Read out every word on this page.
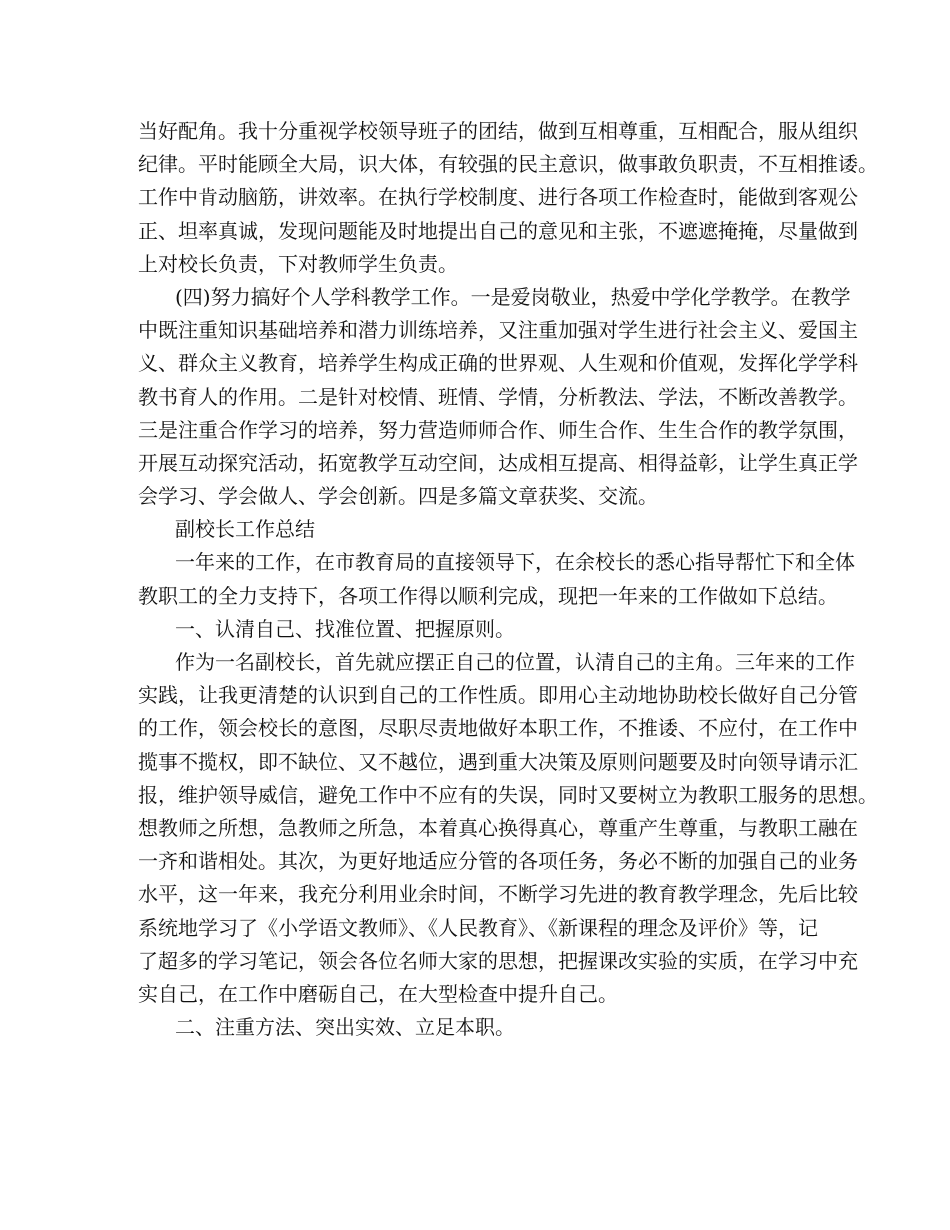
当好配角。我十分重视学校领导班子的团结，做到互相尊重，互相配合，服从组织
纪律。平时能顾全大局，识大体，有较强的民主意识，做事敢负职责，不互相推诿。
工作中肯动脑筋，讲效率。在执行学校制度、进行各项工作检查时，能做到客观公
正、坦率真诚，发现问题能及时地提出自己的意见和主张，不遮遮掩掩，尽量做到
上对校长负责，下对教师学生负责。
(四)努力搞好个人学科教学工作。一是爱岗敬业，热爱中学化学教学。在教学
中既注重知识基础培养和潜力训练培养，又注重加强对学生进行社会主义、爱国主
义、群众主义教育，培养学生构成正确的世界观、人生观和价值观，发挥化学学科
教书育人的作用。二是针对校情、班情、学情，分析教法、学法，不断改善教学。
三是注重合作学习的培养，努力营造师师合作、师生合作、生生合作的教学氛围，
开展互动探究活动，拓宽教学互动空间，达成相互提高、相得益彰，让学生真正学
会学习、学会做人、学会创新。四是多篇文章获奖、交流。
副校长工作总结
一年来的工作，在市教育局的直接领导下，在余校长的悉心指导帮忙下和全体
教职工的全力支持下，各项工作得以顺利完成，现把一年来的工作做如下总结。
一、认清自己、找准位置、把握原则。
作为一名副校长，首先就应摆正自己的位置，认清自己的主角。三年来的工作
实践，让我更清楚的认识到自己的工作性质。即用心主动地协助校长做好自己分管
的工作，领会校长的意图，尽职尽责地做好本职工作，不推诿、不应付，在工作中
揽事不揽权，即不缺位、又不越位，遇到重大决策及原则问题要及时向领导请示汇
报，维护领导威信，避免工作中不应有的失误，同时又要树立为教职工服务的思想。
想教师之所想，急教师之所急，本着真心换得真心，尊重产生尊重，与教职工融在
一齐和谐相处。其次，为更好地适应分管的各项任务，务必不断的加强自己的业务
水平，这一年来，我充分利用业余时间，不断学习先进的教育教学理念，先后比较
系统地学习了《小学语文教师》、《人民教育》、《新课程的理念及评价》等，记
了超多的学习笔记，领会各位名师大家的思想，把握课改实验的实质，在学习中充
实自己，在工作中磨砺自己，在大型检查中提升自己。
二、注重方法、突出实效、立足本职。
